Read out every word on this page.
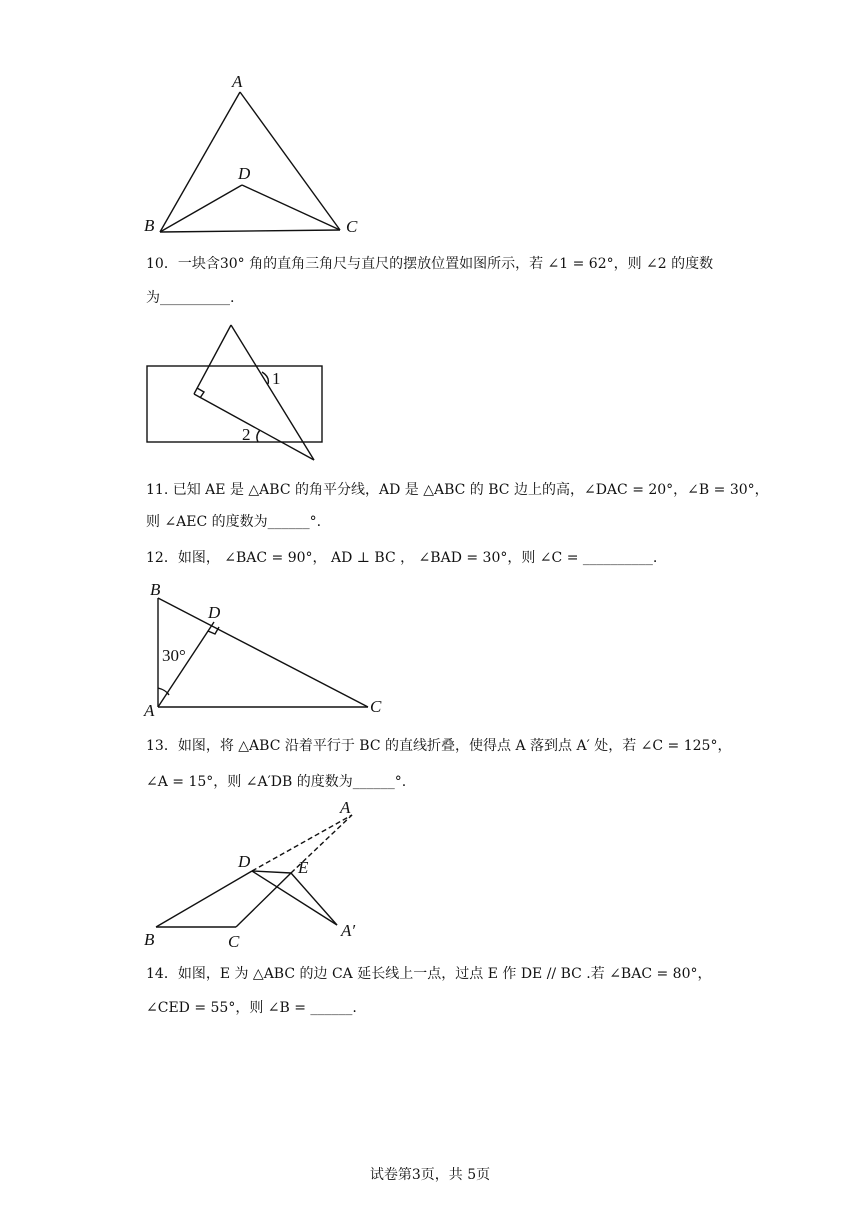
A
B	C
D
10．一块含30° 角的直角三角尺与直尺的摆放位置如图所示，若 ∠1 = 62°，则 ∠2 的度数
为__________.
1
2
11. 已知 AE 是 △ABC 的角平分线，AD 是 △ABC 的 BC 边上的高，∠DAC = 20°，∠B = 30°，
则 ∠AEC 的度数为______°.
12．如图， ∠BAC = 90°， AD ⊥ BC ， ∠BAD = 30°，则 ∠C = __________.
B
D
A	C
30°
13．如图，将 △ABC 沿着平行于 BC 的直线折叠，使得点 A 落到点 A′ 处，若 ∠C = 125°，
∠A = 15°，则 ∠A′DB 的度数为______°.
A
D	E
B	C
A′
14．如图，E 为 △ABC 的边 CA 延长线上一点，过点 E 作 DE // BC .若 ∠BAC = 80°，
∠CED = 55°，则 ∠B = ______.
试卷第3页，共 5页
